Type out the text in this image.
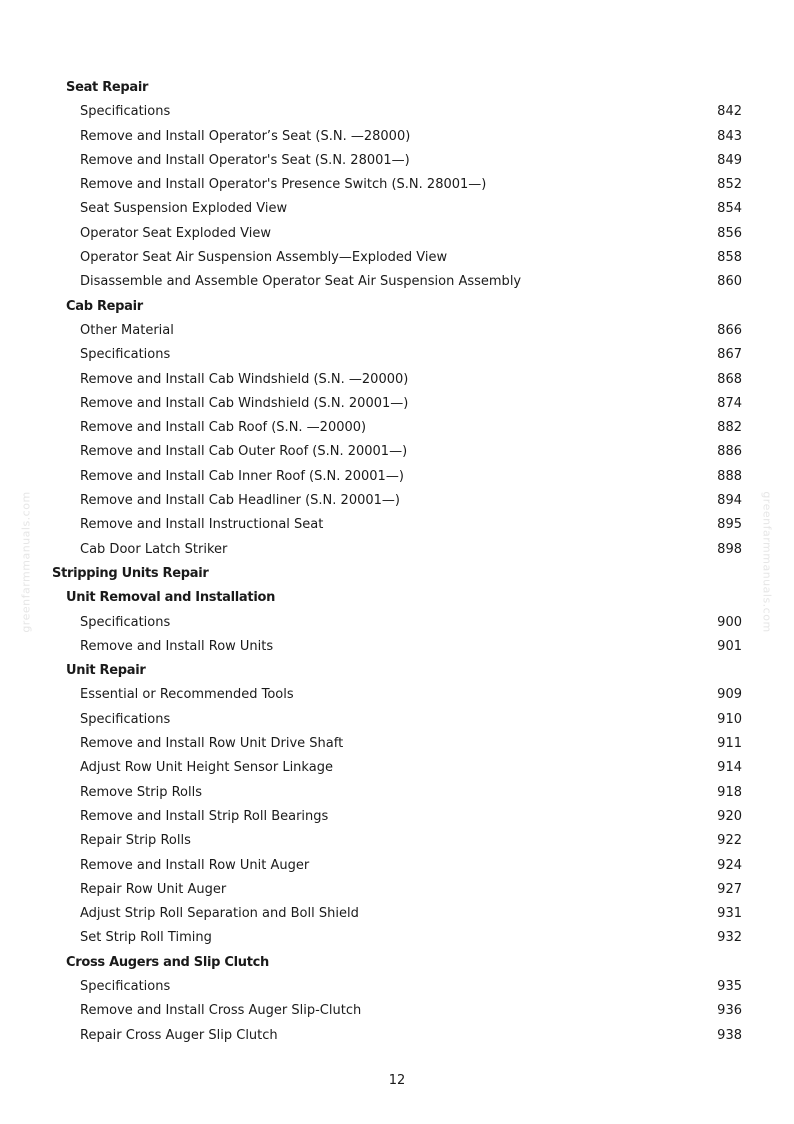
Seat Repair
Specifications	842
Remove and Install Operator’s Seat (S.N. —28000)	843
Remove and Install Operator's Seat (S.N. 28001—)	849
Remove and Install Operator's Presence Switch (S.N. 28001—)	852
Seat Suspension Exploded View	854
Operator Seat Exploded View	856
Operator Seat Air Suspension Assembly—Exploded View	858
Disassemble and Assemble Operator Seat Air Suspension Assembly	860
Cab Repair
Other Material	866
Specifications	867
Remove and Install Cab Windshield (S.N. —20000)	868
Remove and Install Cab Windshield (S.N. 20001—)	874
Remove and Install Cab Roof (S.N. —20000)	882
Remove and Install Cab Outer Roof (S.N. 20001—)	886
Remove and Install Cab Inner Roof (S.N. 20001—)	888
Remove and Install Cab Headliner (S.N. 20001—)	894
Remove and Install Instructional Seat	895
Cab Door Latch Striker	898
Stripping Units Repair
Unit Removal and Installation
Specifications	900
Remove and Install Row Units	901
Unit Repair
Essential or Recommended Tools	909
Specifications	910
Remove and Install Row Unit Drive Shaft	911
Adjust Row Unit Height Sensor Linkage	914
Remove Strip Rolls	918
Remove and Install Strip Roll Bearings	920
Repair Strip Rolls	922
Remove and Install Row Unit Auger	924
Repair Row Unit Auger	927
Adjust Strip Roll Separation and Boll Shield	931
Set Strip Roll Timing	932
Cross Augers and Slip Clutch
Specifications	935
Remove and Install Cross Auger Slip-Clutch	936
Repair Cross Auger Slip Clutch	938
greenfarmmanuals.com	greenfarmmanuals.com
12
